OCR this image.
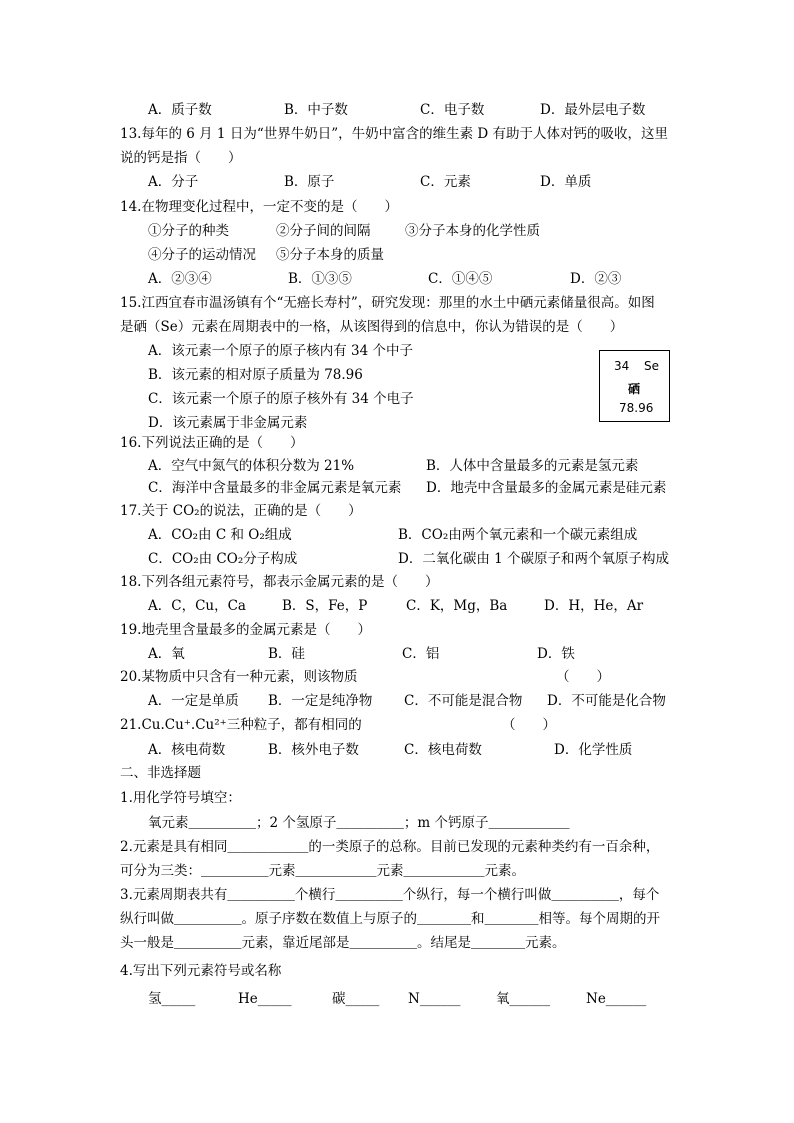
A．质子数	B．中子数	C．电子数	D．最外层电子数
13.每年的 6 月 1 日为“世界牛奶日”，牛奶中富含的维生素 D 有助于人体对钙的吸收，这里
说的钙是指（　　）
A．分子	B．原子	C．元素	D．单质
14.在物理变化过程中，一定不变的是（　　）
①分子的种类	②分子间的间隔	③分子本身的化学性质
④分子的运动情况 ⑤分子本身的质量
A．②③④	B．①③⑤	C．①④⑤	D．②③
15.江西宜春市温汤镇有个“无癌长寿村”，研究发现：那里的水土中硒元素储量很高。如图
是硒（Se）元素在周期表中的一格，从该图得到的信息中，你认为错误的是（　　）
A．该元素一个原子的原子核内有 34 个中子
B．该元素的相对原子质量为 78.96
C．该元素一个原子的原子核外有 34 个电子
D．该元素属于非金属元素
34 Se
硒
78.96
16.下列说法正确的是（　　）
A．空气中氮气的体积分数为 21%	B．人体中含量最多的元素是氢元素
C．海洋中含量最多的非金属元素是氧元素 D．地壳中含量最多的金属元素是硅元素
17.关于 CO₂的说法，正确的是（　　）
A．CO₂由 C 和 O₂组成	B．CO₂由两个氧元素和一个碳元素组成
C．CO₂由 CO₂分子构成	D．二氧化碳由 1 个碳原子和两个氧原子构成
18.下列各组元素符号，都表示金属元素的是（　　）
A．C，Cu，Ca	B．S，Fe，P	C．K，Mg，Ba	D．H，He，Ar
19.地壳里含量最多的金属元素是（　　）
A．氧	B．硅	C．铝	D．铁
20.某物质中只含有一种元素，则该物质	（　　）
A．一定是单质 B．一定是纯净物 C．不可能是混合物 D．不可能是化合物
21.Cu.Cu⁺.Cu²⁺三种粒子，都有相同的	（　　）
A．核电荷数	B．核外电子数	C．核电荷数	D．化学性质
二、非选择题
1.用化学符号填空：
氧元素＿＿＿＿＿；2 个氢原子＿＿＿＿＿；m 个钙原子＿＿＿＿＿＿
2.元素是具有相同＿＿＿＿＿＿的一类原子的总称。目前已发现的元素种类约有一百余种，
可分为三类：＿＿＿＿＿元素＿＿＿＿＿＿元素＿＿＿＿＿＿元素。
3.元素周期表共有＿＿＿＿＿个横行＿＿＿＿＿个纵行，每一个横行叫做＿＿＿＿＿，每个
纵行叫做＿＿＿＿＿。原子序数在数值上与原子的＿＿＿＿和＿＿＿＿相等。每个周期的开
头一般是＿＿＿＿＿元素，靠近尾部是＿＿＿＿＿。结尾是＿＿＿＿元素。
4.写出下列元素符号或名称
氢_____	He_____	碳_____ N______	氧______	Ne______
